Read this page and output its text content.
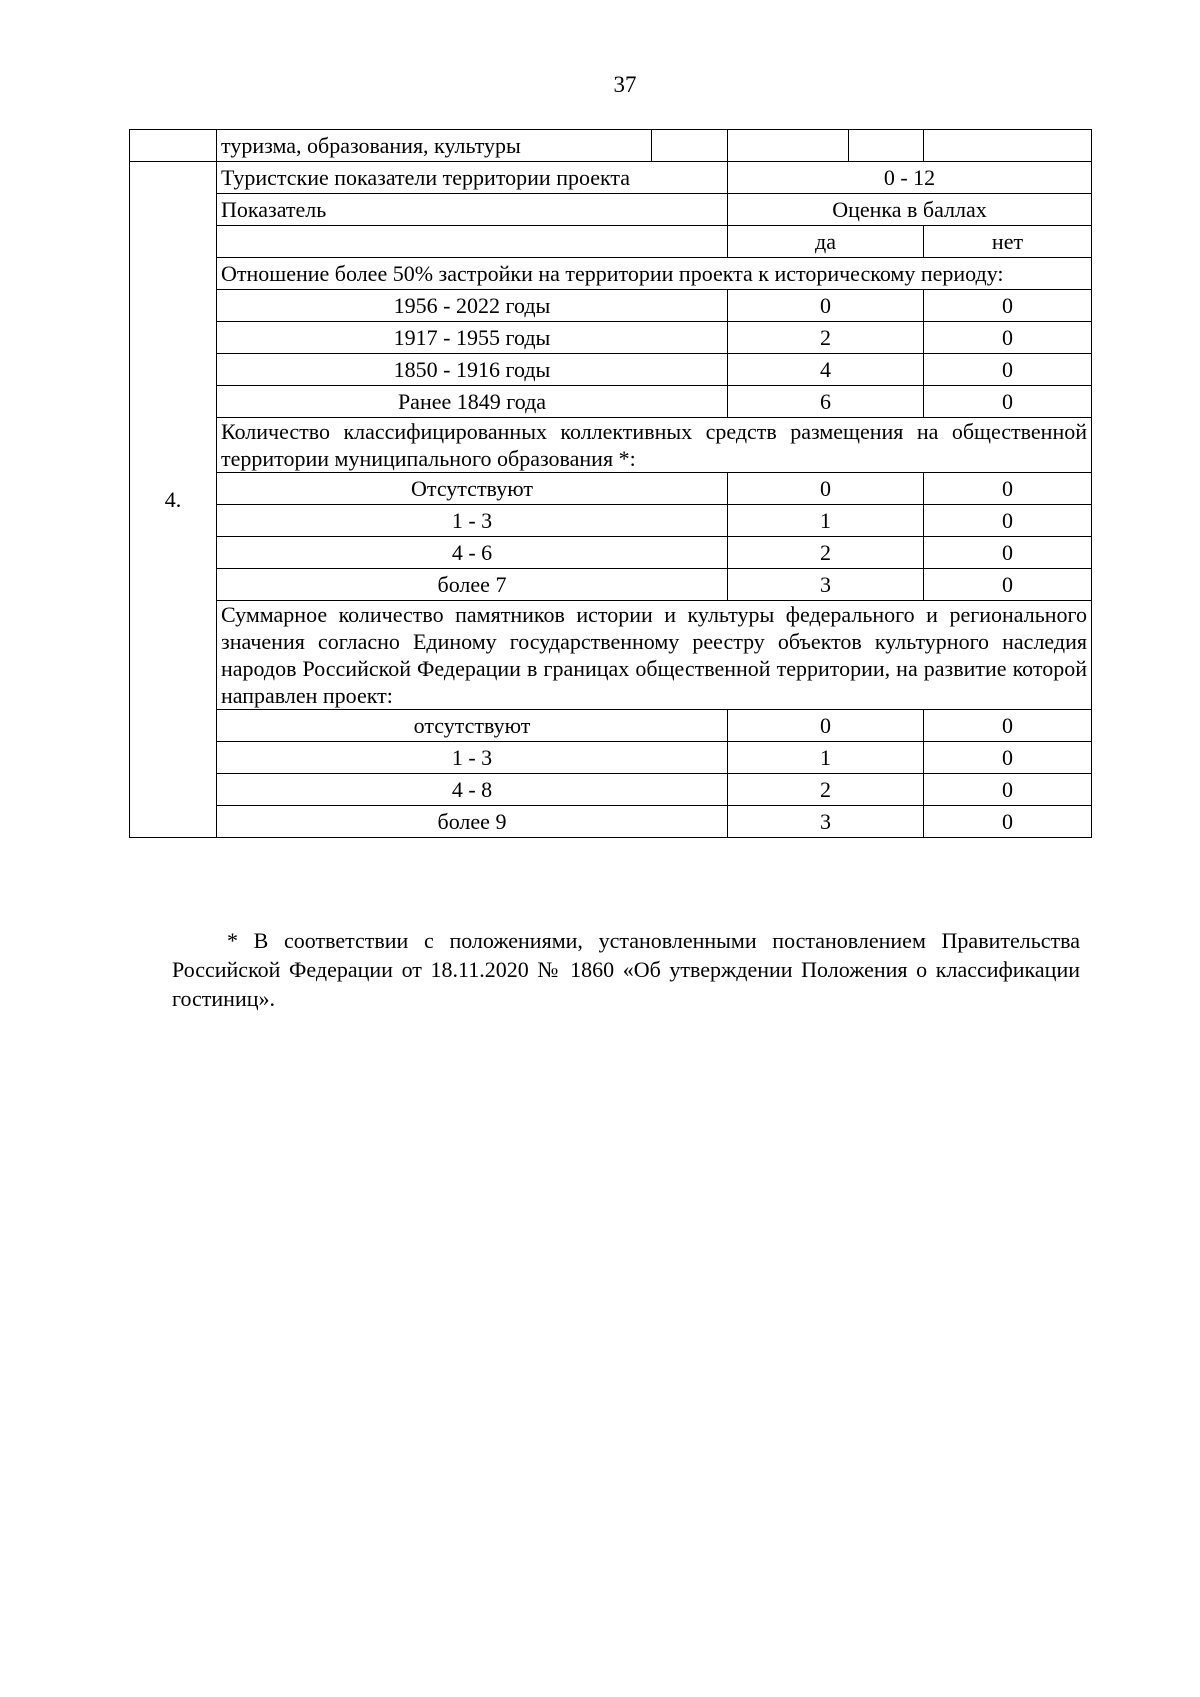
37
	туризма, образования, культуры				
4.	Туристские показатели территории проекта		0 - 12		
	Показатель		Оценка в баллах		
			да		нет
	Отношение более 50% застройки на территории проекта к историческому периоду:				
	1956 - 2022 годы		0		0
	1917 - 1955 годы		2		0
	1850 - 1916 годы		4		0
	Ранее 1849 года		6		0
	Количество классифицированных коллективных средств размещения на общественной территории муниципального образования *:				
	Отсутствуют		0		0
	1 - 3		1		0
	4 - 6		2		0
	более 7		3		0
	Суммарное количество памятников истории и культуры федерального и регионального значения согласно Единому государственному реестру объектов культурного наследия народов Российской Федерации в границах общественной территории, на развитие которой направлен проект:				
	отсутствуют		0		0
	1 - 3		1		0
	4 - 8		2		0
	более 9		3		0
* В соответствии с положениями, установленными постановлением Правительства Российской Федерации от 18.11.2020 № 1860 «Об утверждении Положения о классификации гостиниц».
